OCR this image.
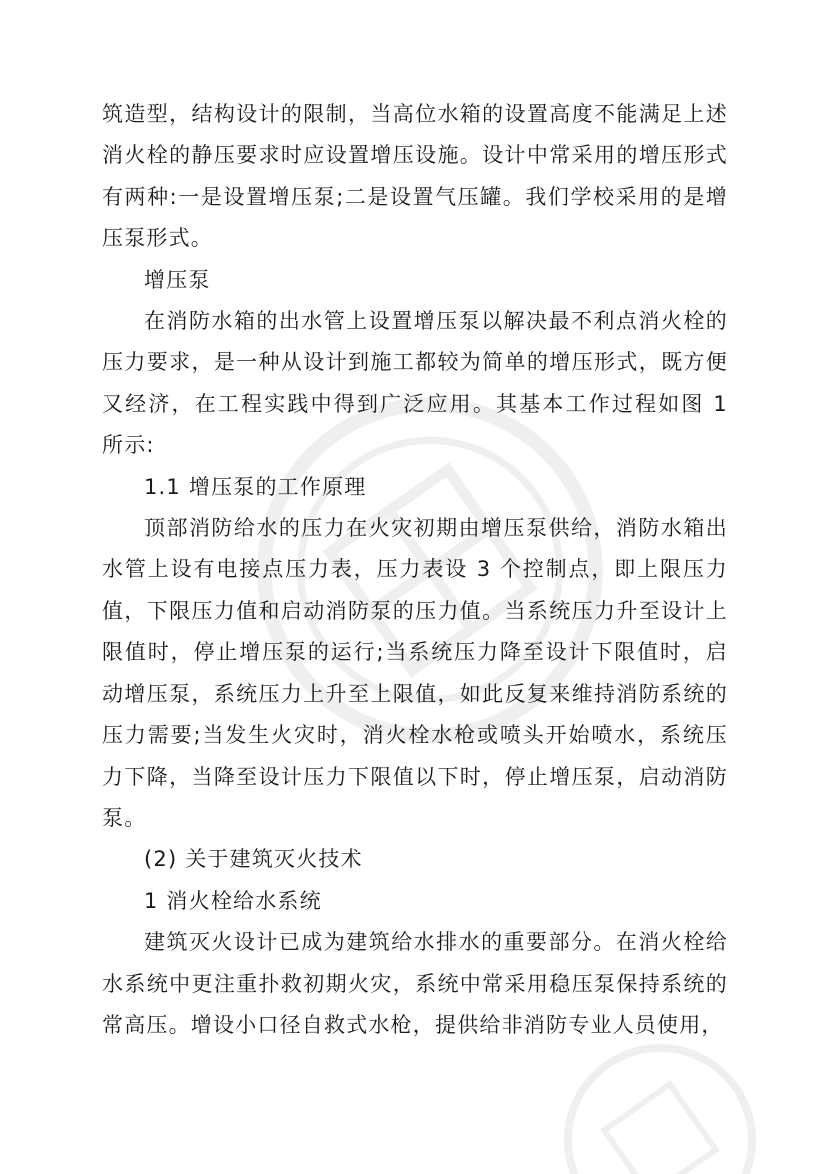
筑造型，结构设计的限制，当高位水箱的设置高度不能满足上述消火栓的静压要求时应设置增压设施。设计中常采用的增压形式有两种:一是设置增压泵;二是设置气压罐。我们学校采用的是增压泵形式。

增压泵

在消防水箱的出水管上设置增压泵以解决最不利点消火栓的压力要求，是一种从设计到施工都较为简单的增压形式，既方便又经济，在工程实践中得到广泛应用。其基本工作过程如图 1 所示:

1.1 增压泵的工作原理

顶部消防给水的压力在火灾初期由增压泵供给，消防水箱出水管上设有电接点压力表，压力表设 3 个控制点，即上限压力值，下限压力值和启动消防泵的压力值。当系统压力升至设计上限值时，停止增压泵的运行;当系统压力降至设计下限值时，启动增压泵，系统压力上升至上限值，如此反复来维持消防系统的压力需要;当发生火灾时，消火栓水枪或喷头开始喷水，系统压力下降，当降至设计压力下限值以下时，停止增压泵，启动消防泵。

(2) 关于建筑灭火技术

1 消火栓给水系统

建筑灭火设计已成为建筑给水排水的重要部分。在消火栓给水系统中更注重扑救初期火灾，系统中常采用稳压泵保持系统的常高压。增设小口径自救式水枪，提供给非消防专业人员使用，
